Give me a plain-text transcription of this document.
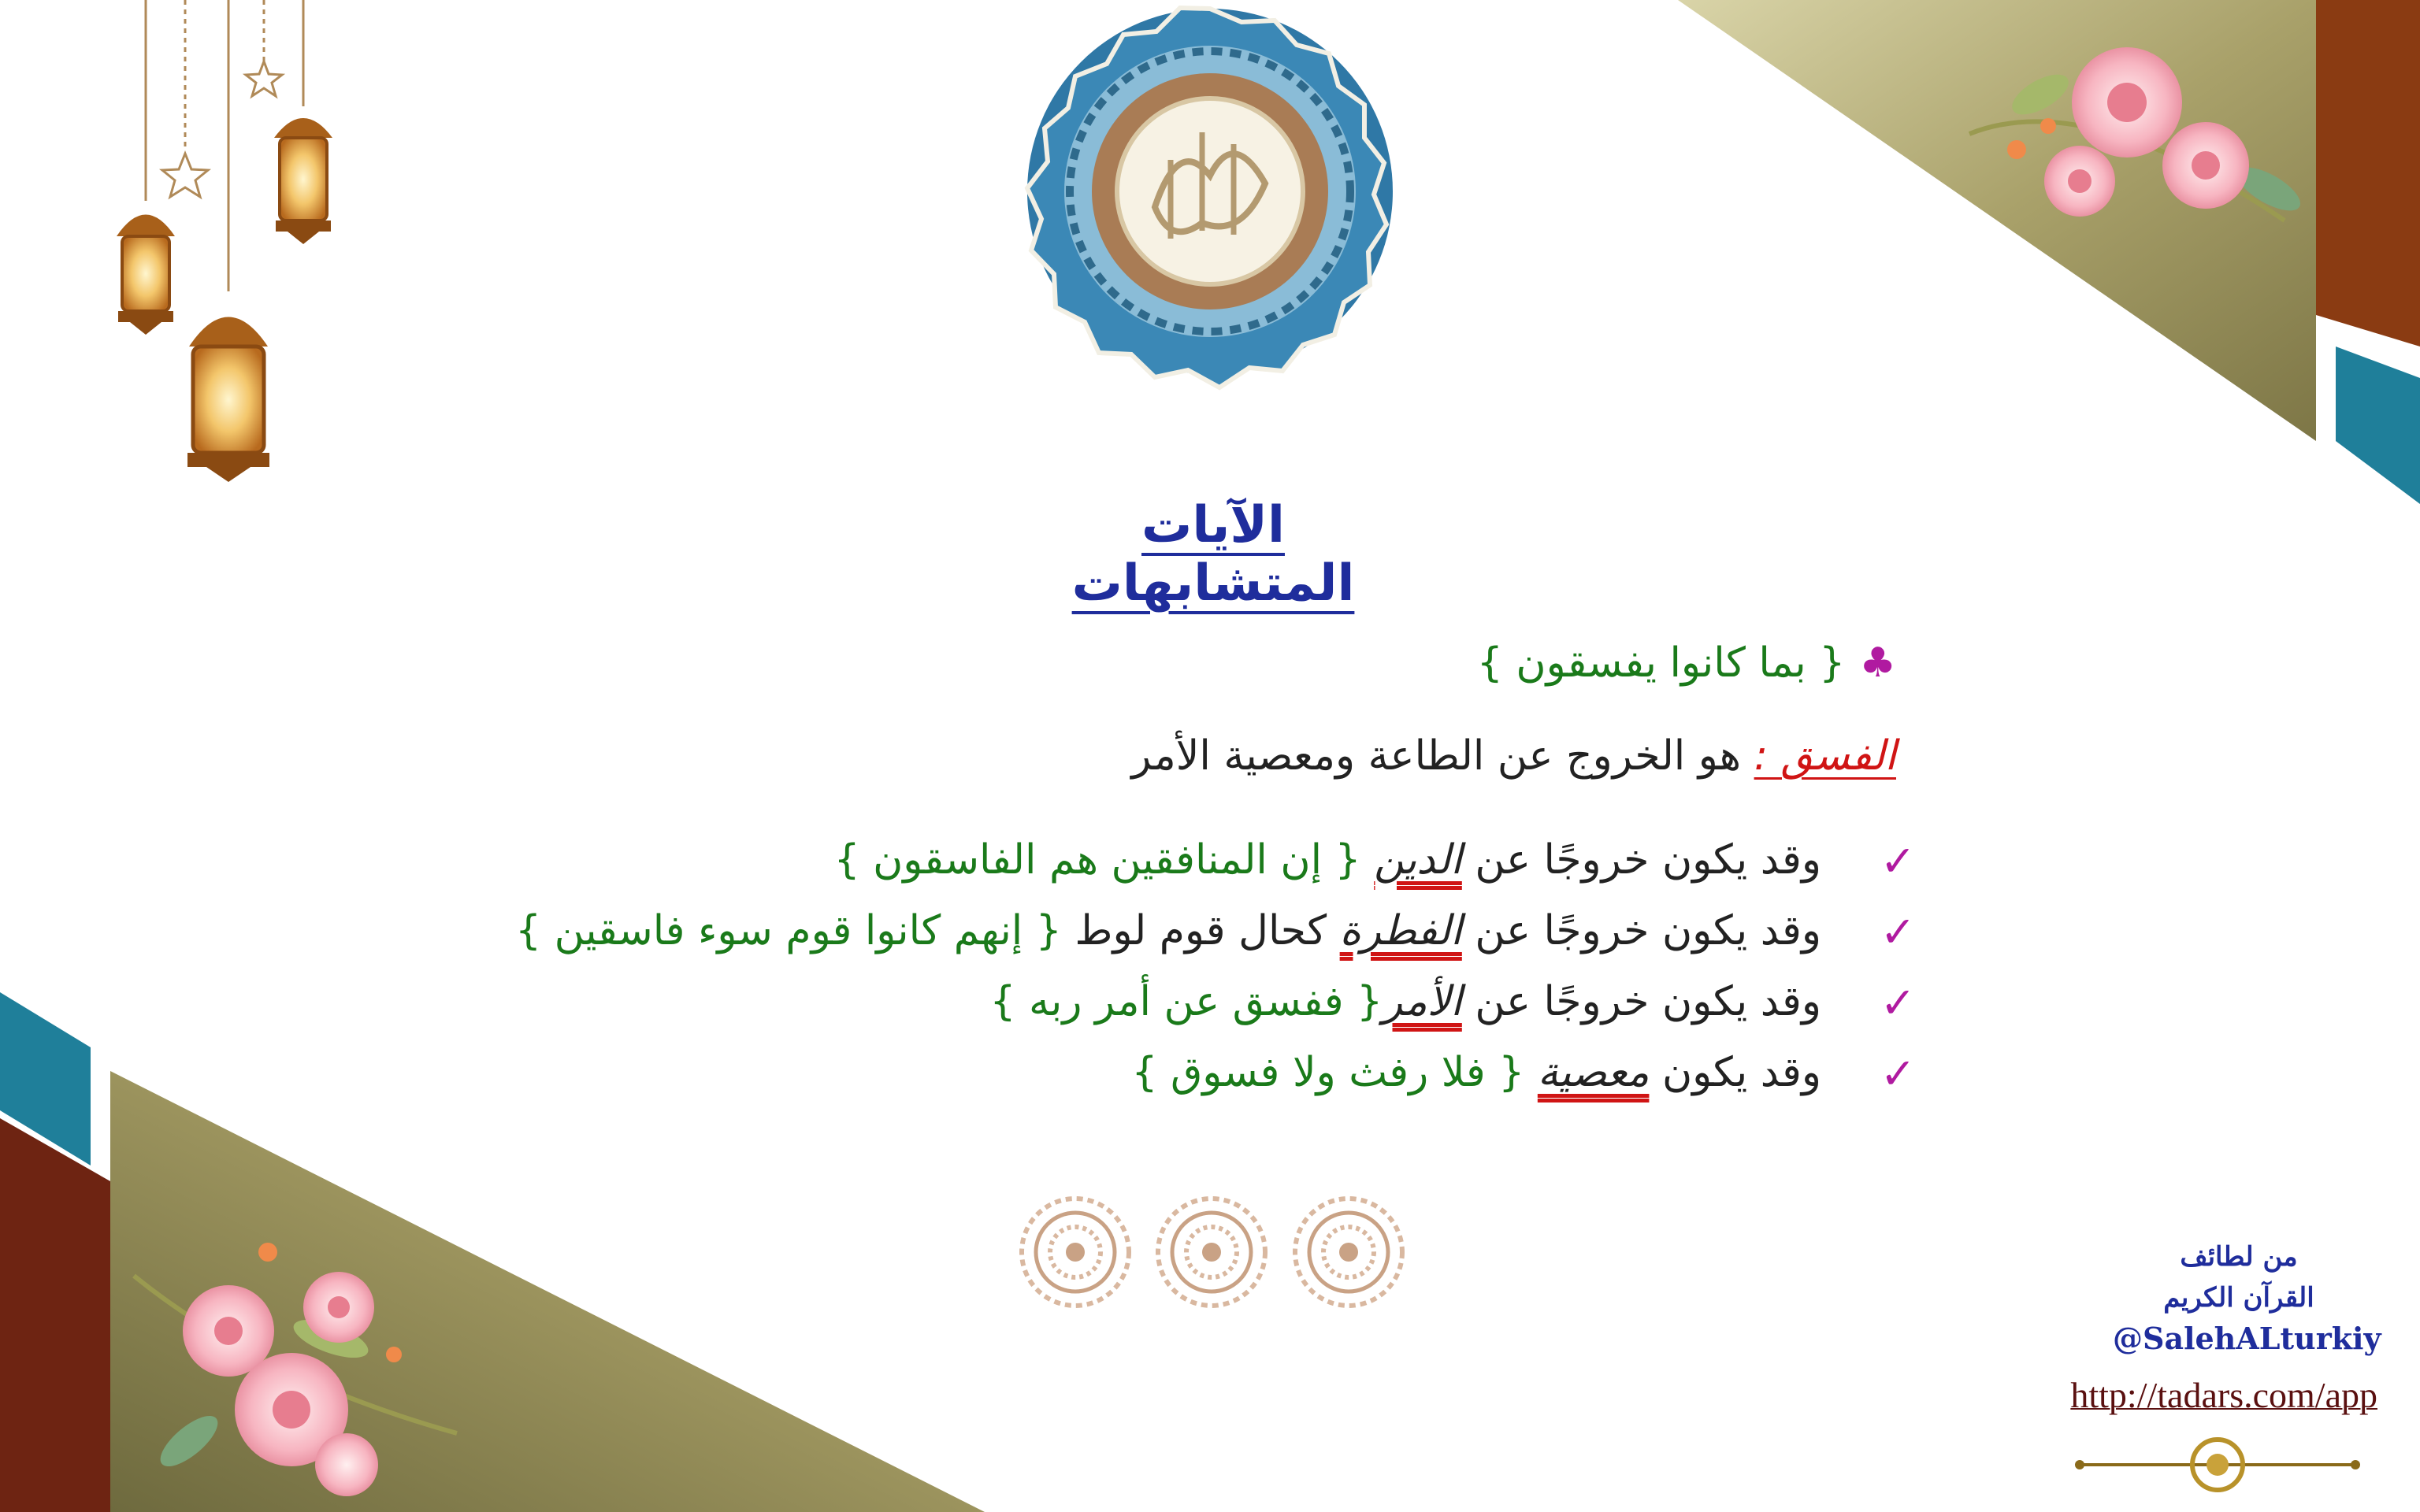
الآيات المتشابهات
♣{ بما كانوا يفسقون }
الفسق : هو الخروج عن الطاعة ومعصية الأمر
✓
وقد يكون خروجًا عن الدين { إن المنافقين هم الفاسقون }
✓
وقد يكون خروجًا عن الفطرة كحال قوم لوط { إنهم كانوا قوم سوء فاسقين }
✓
وقد يكون خروجًا عن الأمر{ ففسق عن أمر ربه }
✓
وقد يكون معصية { فلا رفث ولا فسوق }
من لطائف
القرآن الكريم
@SalehALturkiy
http://tadars.com/app
